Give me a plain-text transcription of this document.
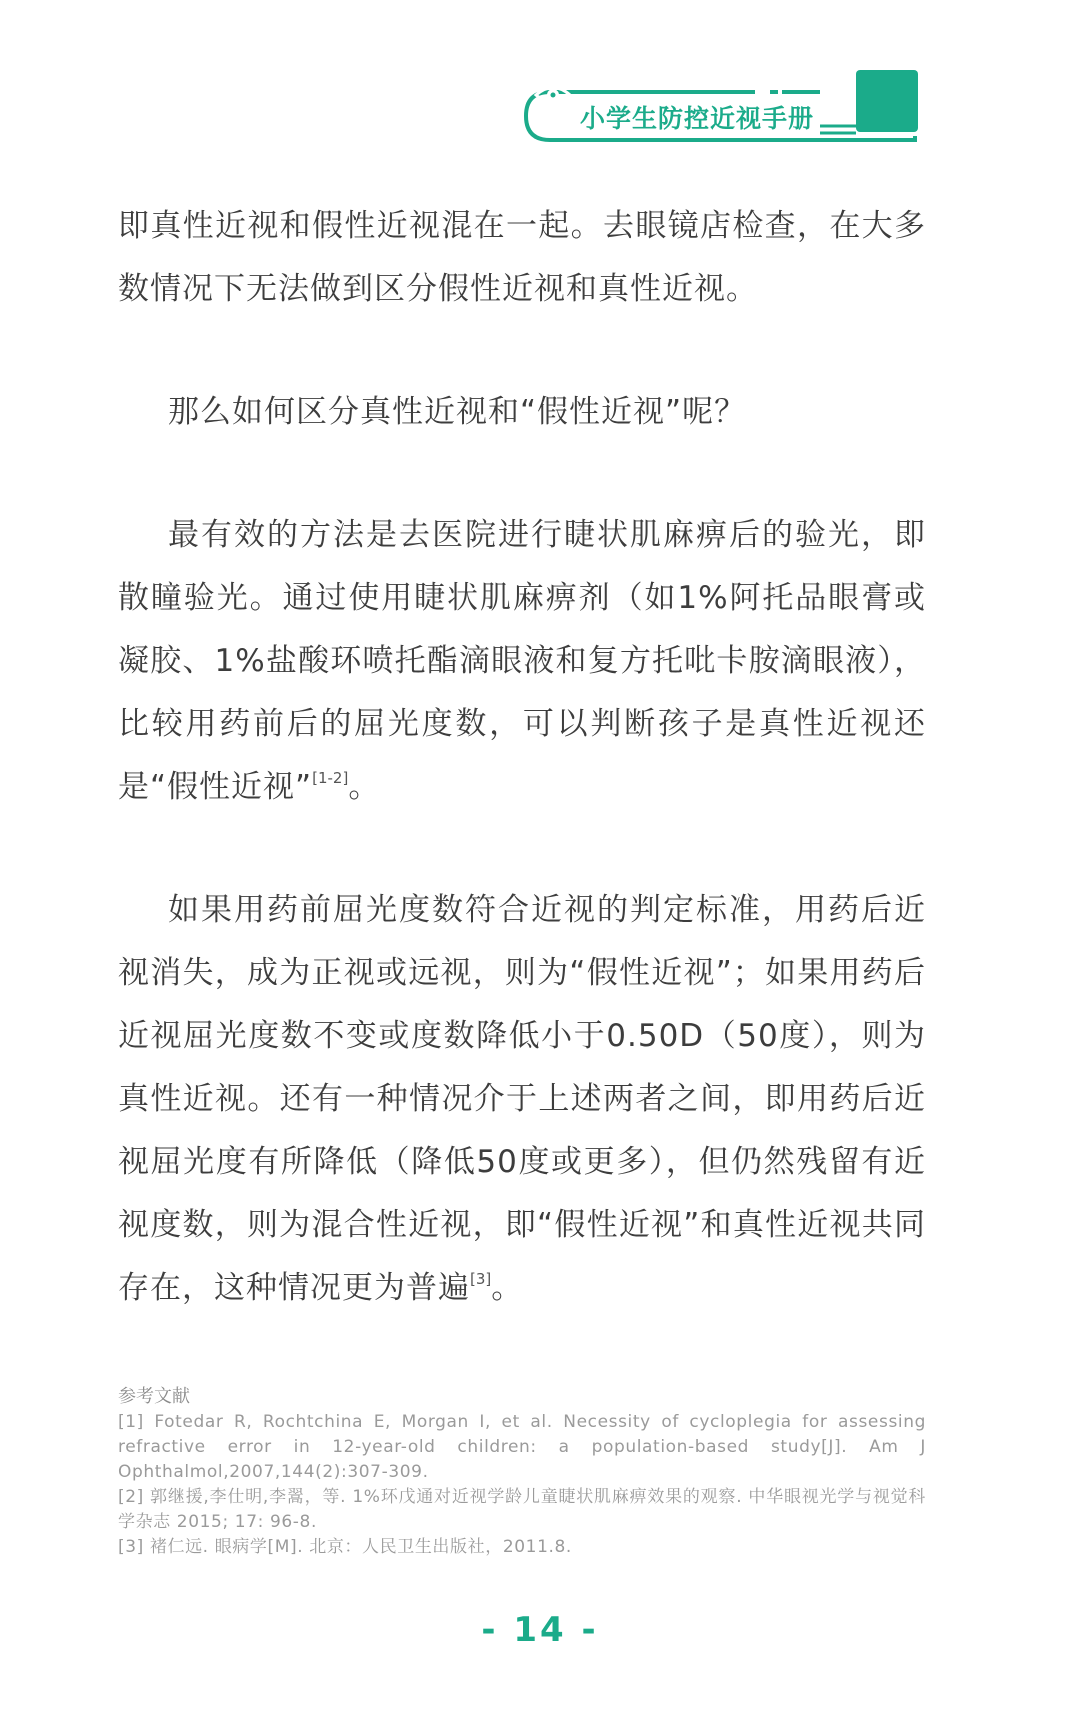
小学生防控近视手册

即真性近视和假性近视混在一起。去眼镜店检查，在大多数情况下无法做到区分假性近视和真性近视。

那么如何区分真性近视和“假性近视”呢？

最有效的方法是去医院进行睫状肌麻痹后的验光，即散瞳验光。通过使用睫状肌麻痹剂（如1%阿托品眼膏或凝胶、1%盐酸环喷托酯滴眼液和复方托吡卡胺滴眼液），比较用药前后的屈光度数，可以判断孩子是真性近视还是“假性近视”[1-2]。

如果用药前屈光度数符合近视的判定标准，用药后近视消失，成为正视或远视，则为“假性近视”；如果用药后近视屈光度数不变或度数降低小于0.50D（50度），则为真性近视。还有一种情况介于上述两者之间，即用药后近视屈光度有所降低（降低50度或更多），但仍然残留有近视度数，则为混合性近视，即“假性近视”和真性近视共同存在，这种情况更为普遍[3]。

参考文献
[1] Fotedar R, Rochtchina E, Morgan I, et al. Necessity of cycloplegia for assessing refractive error in 12-year-old children: a population-based study[J]. Am J Ophthalmol,2007,144(2):307-309.
[2] 郭继援,李仕明,李翯，等. 1%环戊通对近视学龄儿童睫状肌麻痹效果的观察. 中华眼视光学与视觉科学杂志 2015; 17: 96-8.
[3] 褚仁远. 眼病学[M]. 北京：人民卫生出版社，2011.8.
- 14 -
